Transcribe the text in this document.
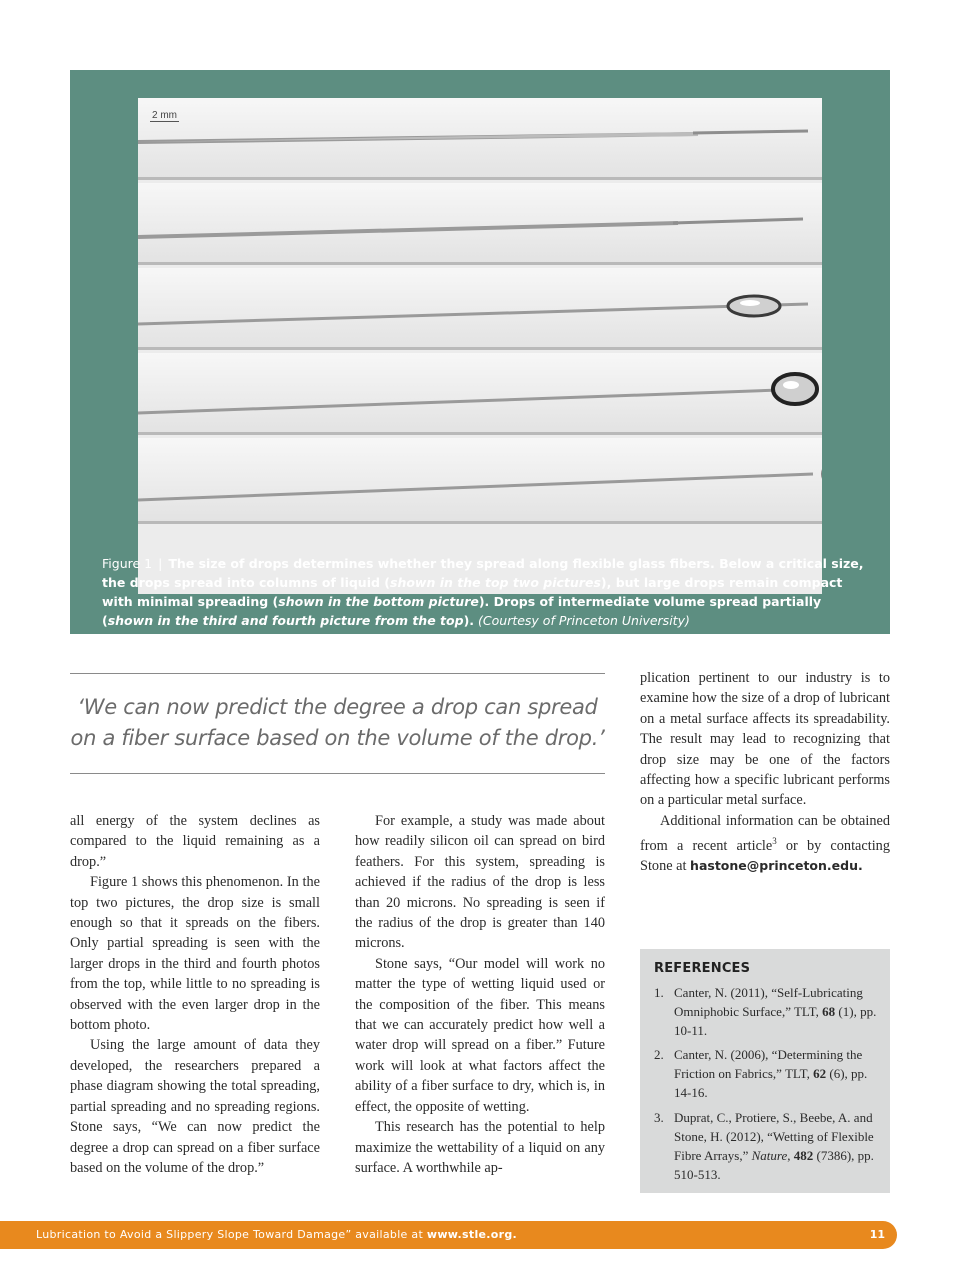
2 mm
Figure 1 | The size of drops determines whether they spread along flexible glass fibers. Below a critical size, the drops spread into columns of liquid (shown in the top two pictures), but large drops remain compact with minimal spreading (shown in the bottom picture). Drops of intermediate volume spread partially (shown in the third and fourth picture from the top). (Courtesy of Princeton University)
‘We can now predict the degree a drop can spread on a fiber surface based on the volume of the drop.’

all energy of the system declines as compared to the liquid remaining as a drop.”

Figure 1 shows this phenomenon. In the top two pictures, the drop size is small enough so that it spreads on the fibers. Only partial spreading is seen with the larger drops in the third and fourth photos from the top, while little to no spreading is observed with the even larger drop in the bottom photo.

Using the large amount of data they developed, the researchers prepared a phase diagram showing the total spreading, partial spreading and no spreading regions. Stone says, “We can now predict the degree a drop can spread on a fiber surface based on the volume of the drop.”

For example, a study was made about how readily silicon oil can spread on bird feathers. For this system, spreading is achieved if the radius of the drop is less than 20 microns. No spreading is seen if the radius of the drop is greater than 140 microns.

Stone says, “Our model will work no matter the type of wetting liquid used or the composition of the fiber. This means that we can accurately predict how well a water drop will spread on a fiber.” Future work will look at what factors affect the ability of a fiber surface to dry, which is, in effect, the opposite of wetting.

This research has the potential to help maximize the wettability of a liquid on any surface. A worthwhile ap-

plication pertinent to our industry is to examine how the size of a drop of lubricant on a metal surface affects its spreadability. The result may lead to recognizing that drop size may be one of the factors affecting how a specific lubricant performs on a particular metal surface.

Additional information can be obtained from a recent article$^3$ or by contacting Stone at hastone@princeton.edu.

REFERENCES
1. Canter, N. (2011), “Self-Lubricating Omniphobic Surface,” TLT, 68 (1), pp. 10-11.
2. Canter, N. (2006), “Determining the Friction on Fabrics,” TLT, 62 (6), pp. 14-16.
3. Duprat, C., Protiere, S., Beebe, A. and Stone, H. (2012), “Wetting of Flexible Fibre Arrays,” Nature, 482 (7386), pp. 510-513.
Lubrication to Avoid a Slippery Slope Toward Damage” available at www.stle.org.	11
